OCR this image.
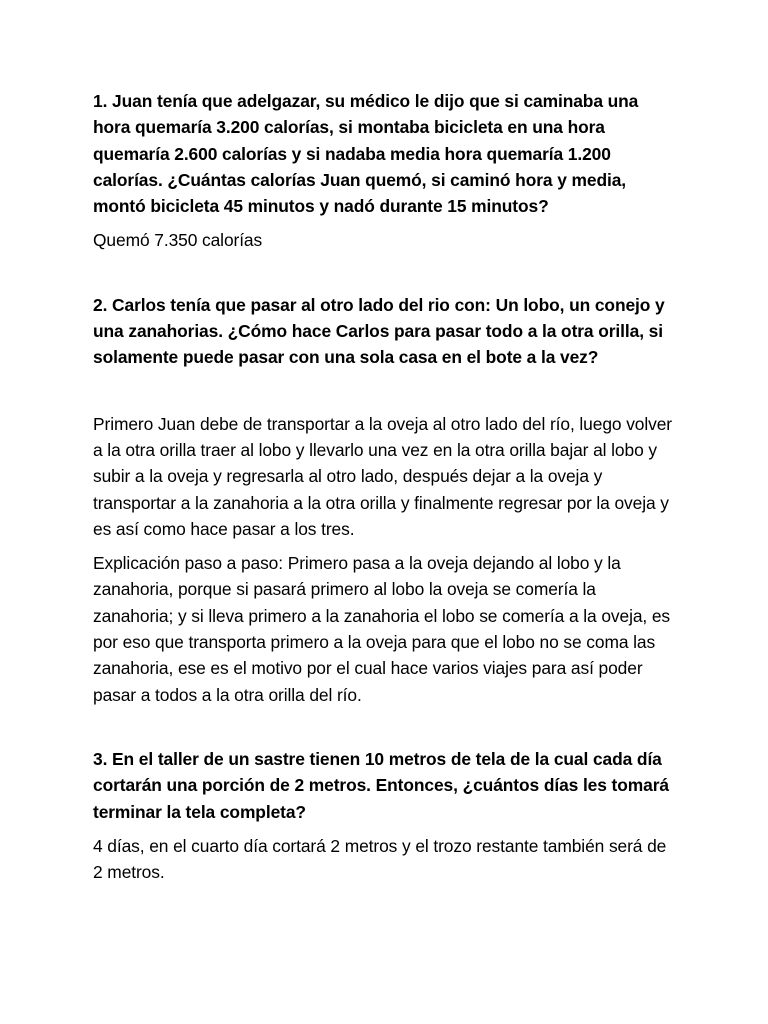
1. Juan tenía que adelgazar, su médico le dijo que si caminaba una hora quemaría 3.200 calorías, si montaba bicicleta en una hora quemaría 2.600 calorías y si nadaba media hora quemaría 1.200 calorías. ¿Cuántas calorías Juan quemó, si caminó hora y media, montó bicicleta 45 minutos y nadó durante 15 minutos?

Quemó 7.350 calorías

2. Carlos tenía que pasar al otro lado del rio con: Un lobo, un conejo y una zanahorias. ¿Cómo hace Carlos para pasar todo a la otra orilla, si solamente puede pasar con una sola casa en el bote a la vez?

Primero Juan debe de transportar a la oveja al otro lado del río, luego volver a la otra orilla traer al lobo y llevarlo una vez en la otra orilla bajar al lobo y subir a la oveja y regresarla al otro lado, después dejar a la oveja y transportar a la zanahoria a la otra orilla y finalmente regresar por la oveja y es así como hace pasar a los tres.

Explicación paso a paso: Primero pasa a la oveja dejando al lobo y la zanahoria, porque si pasará primero al lobo la oveja se comería la zanahoria; y si lleva primero a la zanahoria el lobo se comería a la oveja, es por eso que transporta primero a la oveja para que el lobo no se coma las zanahoria, ese es el motivo por el cual hace varios viajes para así poder pasar a todos a la otra orilla del río.

3. En el taller de un sastre tienen 10 metros de tela de la cual cada día cortarán una porción de 2 metros. Entonces, ¿cuántos días les tomará terminar la tela completa?

4 días, en el cuarto día cortará 2 metros y el trozo restante también será de 2 metros.
